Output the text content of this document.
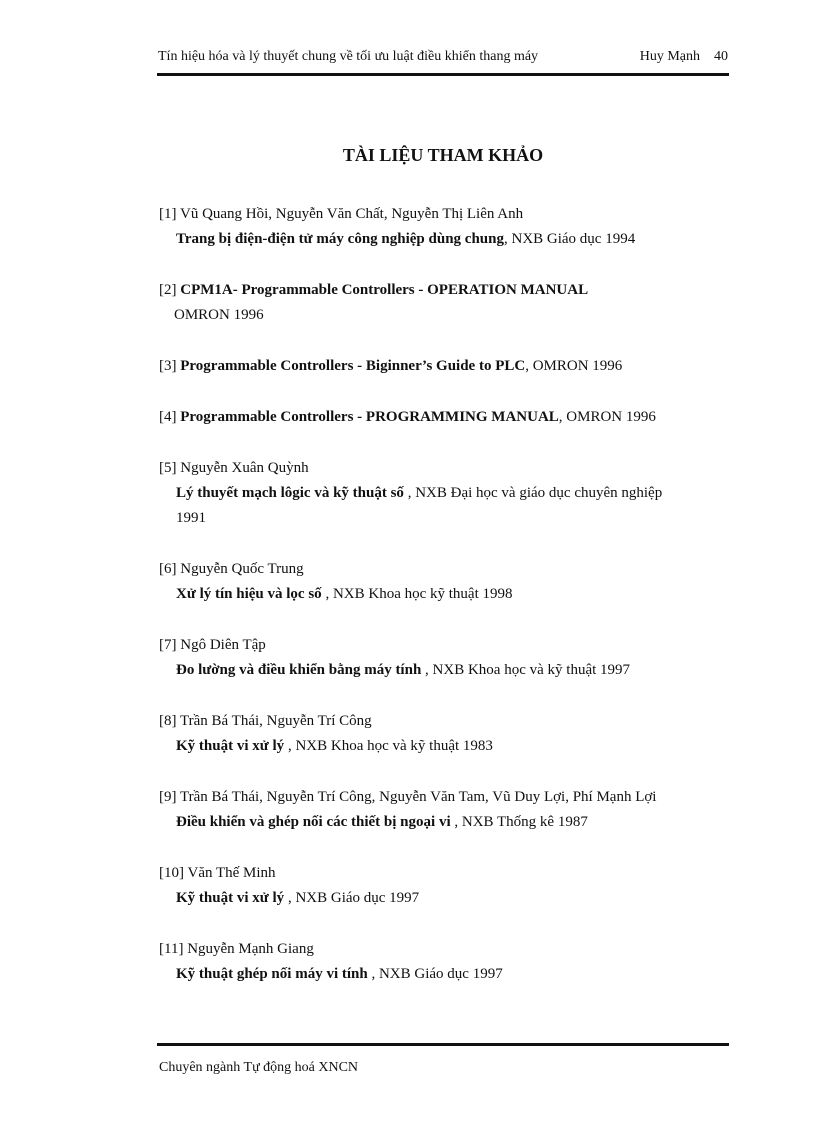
Tín hiệu hóa và lý thuyết chung về tối ưu luật điều khiển thang máy	Huy Mạnh 40
TÀI LIỆU THAM KHẢO
[1] Vũ Quang Hồi, Nguyễn Văn Chất, Nguyễn Thị Liên Anh
Trang bị điện-điện tử máy công nghiệp dùng chung, NXB Giáo dục 1994
[2] CPM1A- Programmable Controllers - OPERATION MANUAL
OMRON 1996
[3] Programmable Controllers - Biginner’s Guide to PLC, OMRON 1996
[4] Programmable Controllers - PROGRAMMING MANUAL, OMRON 1996
[5] Nguyễn Xuân Quỳnh
Lý thuyết mạch lôgic và kỹ thuật số , NXB Đại học và giáo dục chuyên nghiệp
1991
[6] Nguyễn Quốc Trung
Xử lý tín hiệu và lọc số , NXB Khoa học kỹ thuật 1998
[7] Ngô Diên Tập
Đo lường và điều khiển bằng máy tính , NXB Khoa học và kỹ thuật 1997
[8] Trần Bá Thái, Nguyễn Trí Công
Kỹ thuật vi xử lý , NXB Khoa học và kỹ thuật 1983
[9] Trần Bá Thái, Nguyễn Trí Công, Nguyễn Văn Tam, Vũ Duy Lợi, Phí Mạnh Lợi
Điều khiển và ghép nối các thiết bị ngoại vi , NXB Thống kê 1987
[10] Văn Thế Minh
Kỹ thuật vi xử lý , NXB Giáo dục 1997
[11] Nguyễn Mạnh Giang
Kỹ thuật ghép nối máy vi tính , NXB Giáo dục 1997
Chuyên ngành Tự động hoá XNCN
